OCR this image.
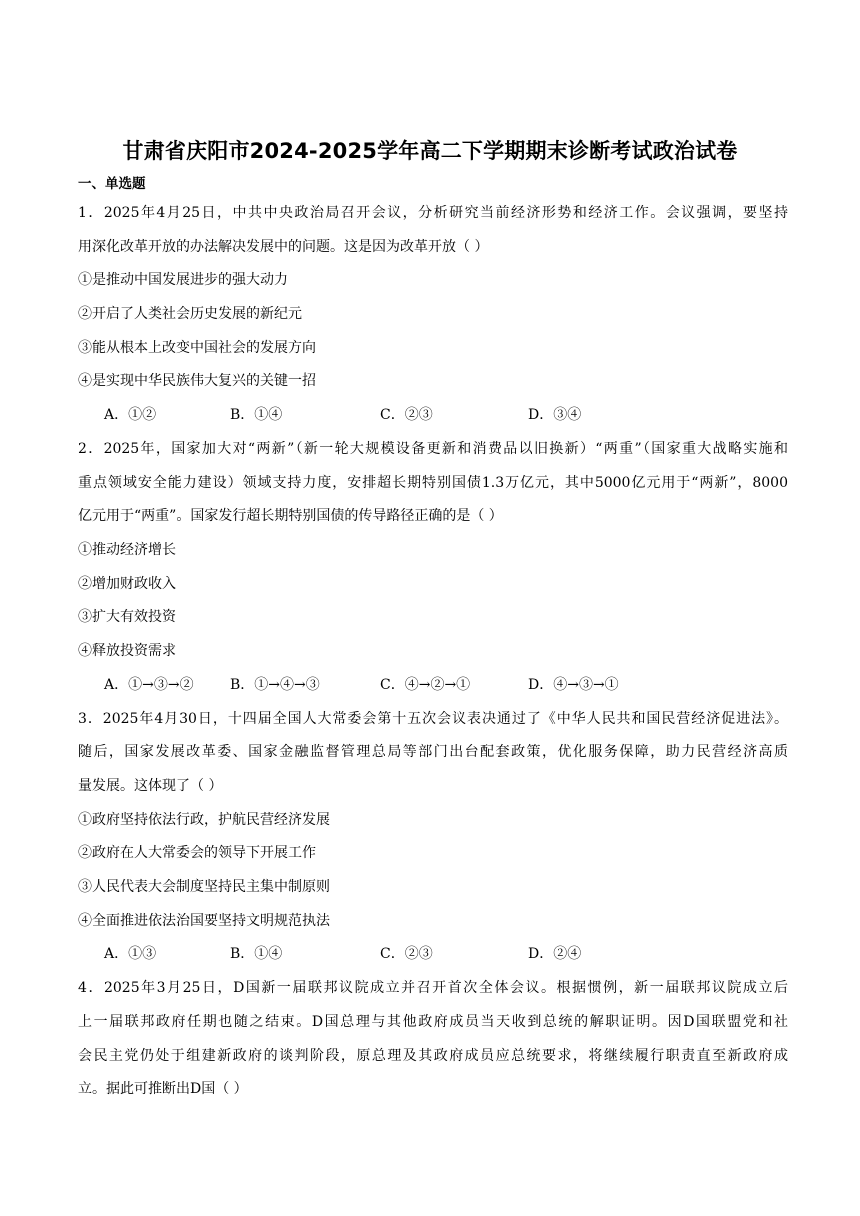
甘肃省庆阳市2024-2025学年高二下学期期末诊断考试政治试卷
一、单选题
1．2025年4月25日，中共中央政治局召开会议，分析研究当前经济形势和经济工作。会议强调，要坚持
用深化改革开放的办法解决发展中的问题。这是因为改革开放（ ）
①是推动中国发展进步的强大动力
②开启了人类社会历史发展的新纪元
③能从根本上改变中国社会的发展方向
④是实现中华民族伟大复兴的关键一招
A．①②	B．①④	C．②③	D．③④
2．2025年，国家加大对“两新”（新一轮大规模设备更新和消费品以旧换新）“两重”（国家重大战略实施和
重点领域安全能力建设）领域支持力度，安排超长期特别国债1.3万亿元，其中5000亿元用于“两新”，8000
亿元用于“两重”。国家发行超长期特别国债的传导路径正确的是（ ）
①推动经济增长
②增加财政收入
③扩大有效投资
④释放投资需求
A．①→③→②	B．①→④→③	C．④→②→①	D．④→③→①
3．2025年4月30日，十四届全国人大常委会第十五次会议表决通过了《中华人民共和国民营经济促进法》。
随后，国家发展改革委、国家金融监督管理总局等部门出台配套政策，优化服务保障，助力民营经济高质
量发展。这体现了（ ）
①政府坚持依法行政，护航民营经济发展
②政府在人大常委会的领导下开展工作
③人民代表大会制度坚持民主集中制原则
④全面推进依法治国要坚持文明规范执法
A．①③	B．①④	C．②③	D．②④
4．2025年3月25日，D国新一届联邦议院成立并召开首次全体会议。根据惯例，新一届联邦议院成立后
上一届联邦政府任期也随之结束。D国总理与其他政府成员当天收到总统的解职证明。因D国联盟党和社
会民主党仍处于组建新政府的谈判阶段，原总理及其政府成员应总统要求，将继续履行职责直至新政府成
立。据此可推断出D国（ ）
